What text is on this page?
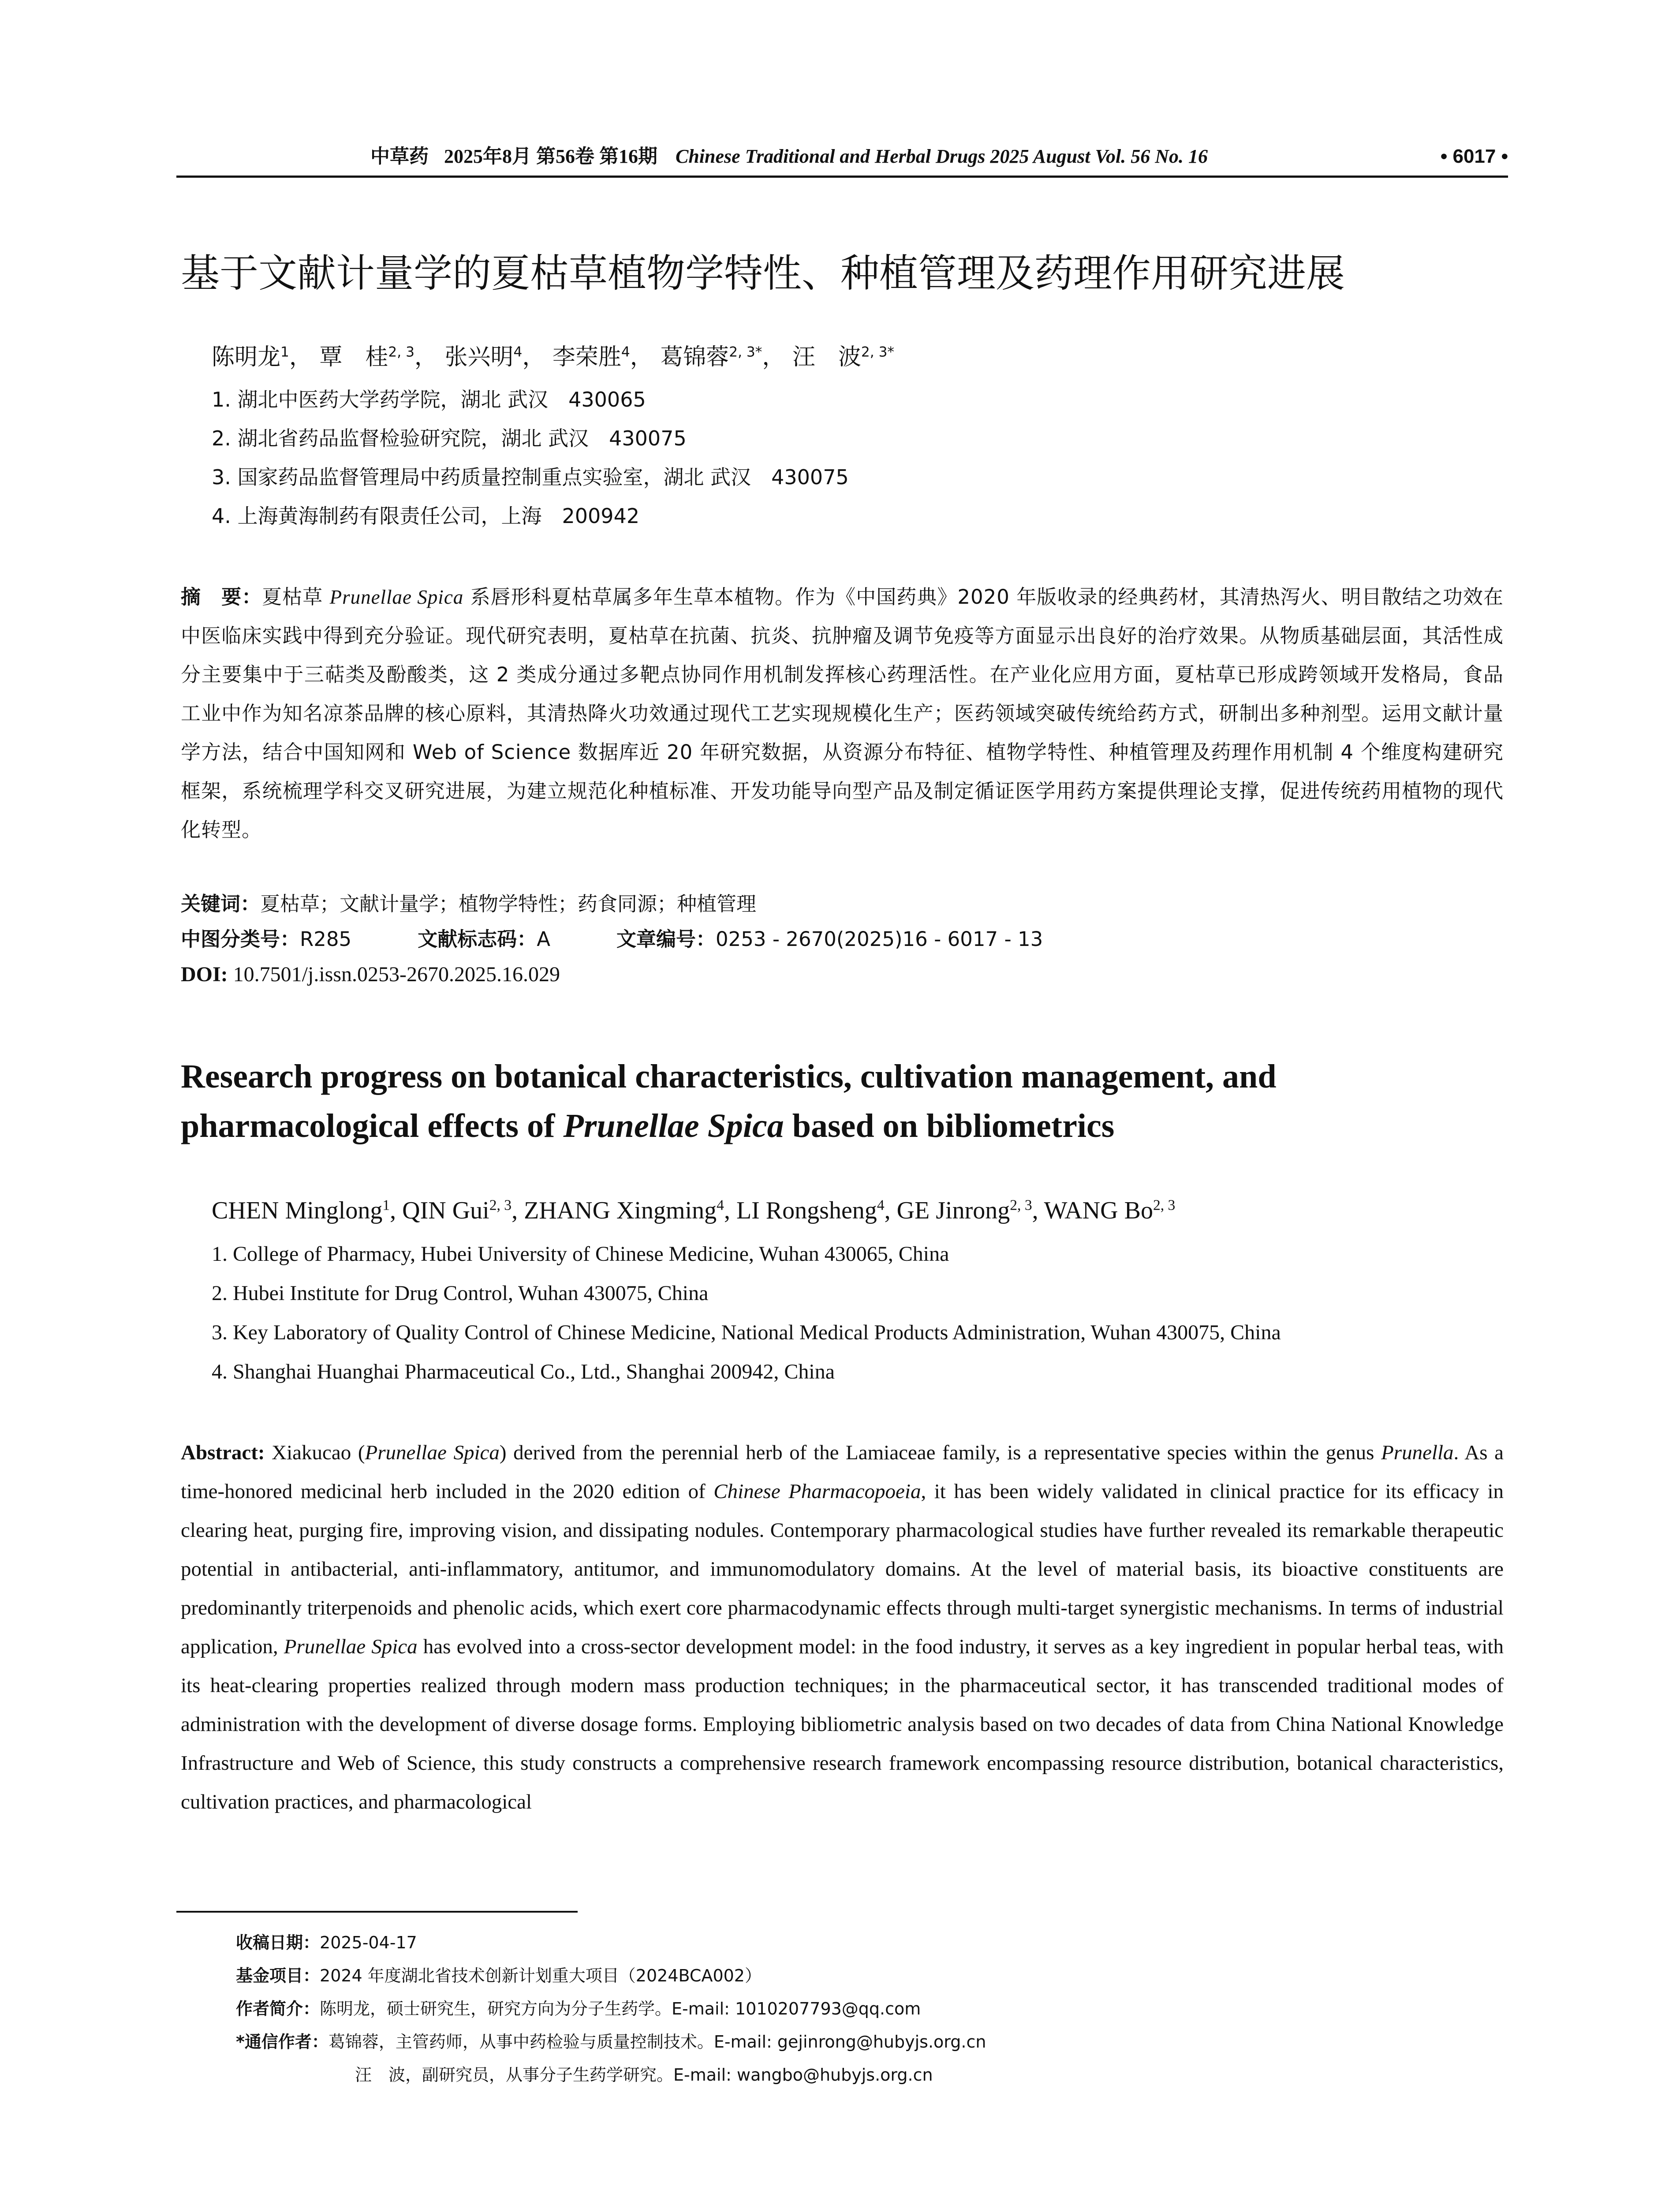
中草药 2025年8月 第56卷 第16期 Chinese Traditional and Herbal Drugs 2025 August Vol. 56 No. 16	• 6017 •
基于文献计量学的夏枯草植物学特性、种植管理及药理作用研究进展
陈明龙$^1$， 覃　桂$^{2, 3}$， 张兴明$^4$， 李荣胜$^4$， 葛锦蓉$^{2, 3*}$， 汪　波$^{2, 3*}$
1. 湖北中医药大学药学院，湖北 武汉　430065
2. 湖北省药品监督检验研究院，湖北 武汉　430075
3. 国家药品监督管理局中药质量控制重点实验室，湖北 武汉　430075
4. 上海黄海制药有限责任公司，上海　200942
摘　要：夏枯草 Prunellae Spica 系唇形科夏枯草属多年生草本植物。作为《中国药典》2020 年版收录的经典药材，其清热泻火、明目散结之功效在中医临床实践中得到充分验证。现代研究表明，夏枯草在抗菌、抗炎、抗肿瘤及调节免疫等方面显示出良好的治疗效果。从物质基础层面，其活性成分主要集中于三萜类及酚酸类，这 2 类成分通过多靶点协同作用机制发挥核心药理活性。在产业化应用方面，夏枯草已形成跨领域开发格局，食品工业中作为知名凉茶品牌的核心原料，其清热降火功效通过现代工艺实现规模化生产；医药领域突破传统给药方式，研制出多种剂型。运用文献计量学方法，结合中国知网和 Web of Science 数据库近 20 年研究数据，从资源分布特征、植物学特性、种植管理及药理作用机制 4 个维度构建研究框架，系统梳理学科交叉研究进展，为建立规范化种植标准、开发功能导向型产品及制定循证医学用药方案提供理论支撑，促进传统药用植物的现代化转型。
关键词：夏枯草；文献计量学；植物学特性；药食同源；种植管理
中图分类号：R285	文献标志码：A	文章编号：0253 - 2670(2025)16 - 6017 - 13
DOI: 10.7501/j.issn.0253-2670.2025.16.029
Research progress on botanical characteristics, cultivation management, and pharmacological effects of Prunellae Spica based on bibliometrics
CHEN Minglong$^1$, QIN Gui$^{2, 3}$, ZHANG Xingming$^4$, LI Rongsheng$^4$, GE Jinrong$^{2, 3}$, WANG Bo$^{2, 3}$
1. College of Pharmacy, Hubei University of Chinese Medicine, Wuhan 430065, China
2. Hubei Institute for Drug Control, Wuhan 430075, China
3. Key Laboratory of Quality Control of Chinese Medicine, National Medical Products Administration, Wuhan 430075, China
4. Shanghai Huanghai Pharmaceutical Co., Ltd., Shanghai 200942, China
Abstract: Xiakucao (Prunellae Spica) derived from the perennial herb of the Lamiaceae family, is a representative species within the genus Prunella. As a time-honored medicinal herb included in the 2020 edition of Chinese Pharmacopoeia, it has been widely validated in clinical practice for its efficacy in clearing heat, purging fire, improving vision, and dissipating nodules. Contemporary pharmacological studies have further revealed its remarkable therapeutic potential in antibacterial, anti-inflammatory, antitumor, and immunomodulatory domains. At the level of material basis, its bioactive constituents are predominantly triterpenoids and phenolic acids, which exert core pharmacodynamic effects through multi-target synergistic mechanisms. In terms of industrial application, Prunellae Spica has evolved into a cross-sector development model: in the food industry, it serves as a key ingredient in popular herbal teas, with its heat-clearing properties realized through modern mass production techniques; in the pharmaceutical sector, it has transcended traditional modes of administration with the development of diverse dosage forms. Employing bibliometric analysis based on two decades of data from China National Knowledge Infrastructure and Web of Science, this study constructs a comprehensive research framework encompassing resource distribution, botanical characteristics, cultivation practices, and pharmacological
收稿日期：2025-04-17
基金项目：2024 年度湖北省技术创新计划重大项目（2024BCA002）
作者简介：陈明龙，硕士研究生，研究方向为分子生药学。E-mail: 1010207793@qq.com
*通信作者：葛锦蓉，主管药师，从事中药检验与质量控制技术。E-mail: gejinrong@hubyjs.org.cn
汪　波，副研究员，从事分子生药学研究。E-mail: wangbo@hubyjs.org.cn
